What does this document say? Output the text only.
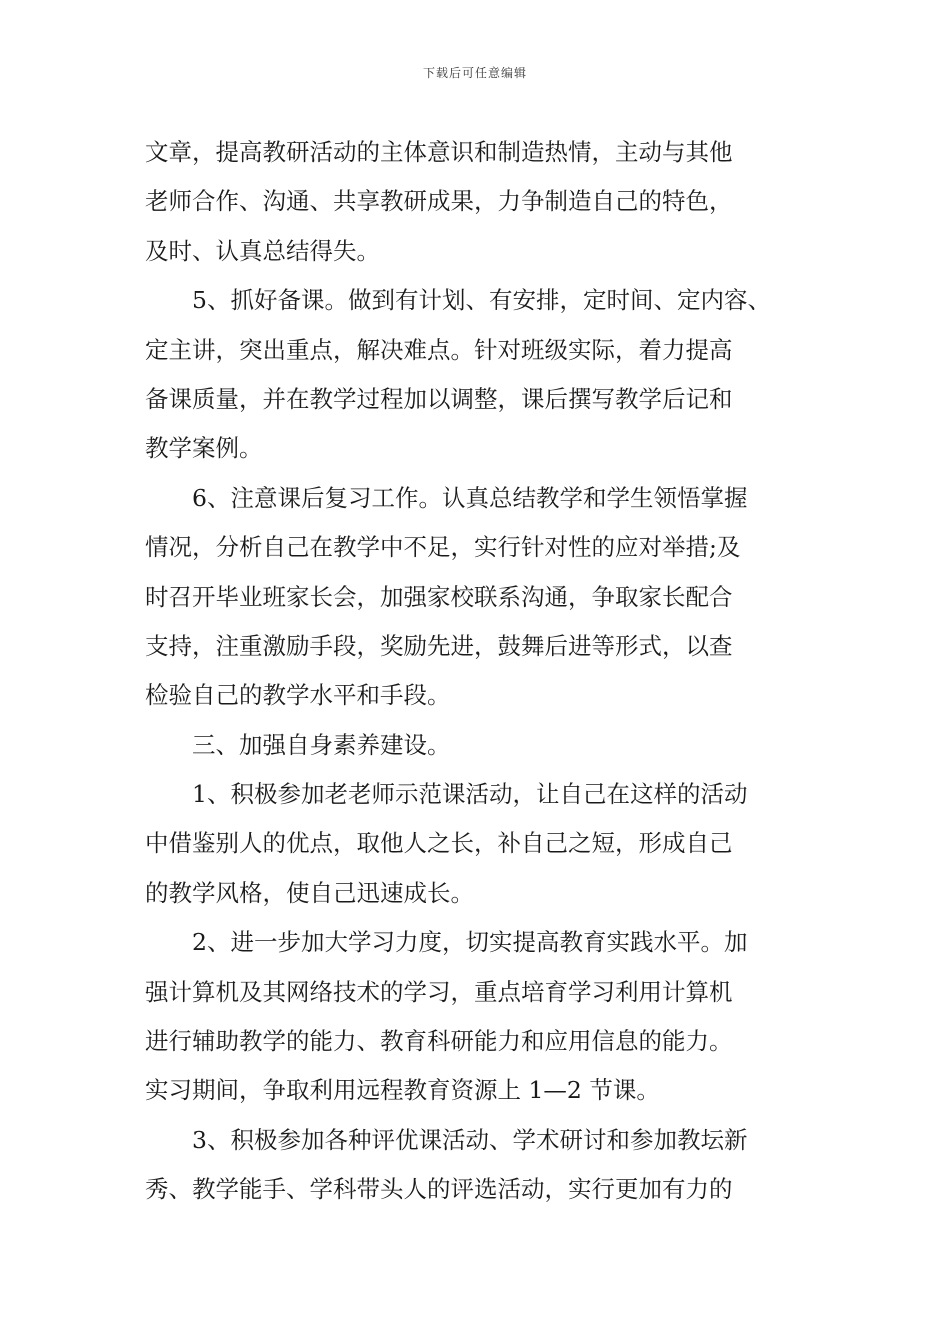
下载后可任意编辑
文章，提高教研活动的主体意识和制造热情，主动与其他
老师合作、沟通、共享教研成果，力争制造自己的特色，
及时、认真总结得失。
　　5、抓好备课。做到有计划、有安排，定时间、定内容、
定主讲，突出重点，解决难点。针对班级实际，着力提高
备课质量，并在教学过程加以调整，课后撰写教学后记和
教学案例。
　　6、注意课后复习工作。认真总结教学和学生领悟掌握
情况，分析自己在教学中不足，实行针对性的应对举措;及
时召开毕业班家长会，加强家校联系沟通，争取家长配合
支持，注重激励手段，奖励先进，鼓舞后进等形式，以查
检验自己的教学水平和手段。
　　三、加强自身素养建设。
　　1、积极参加老老师示范课活动，让自己在这样的活动
中借鉴别人的优点，取他人之长，补自己之短，形成自己
的教学风格，使自己迅速成长。
　　2、进一步加大学习力度，切实提高教育实践水平。加
强计算机及其网络技术的学习，重点培育学习利用计算机
进行辅助教学的能力、教育科研能力和应用信息的能力。
实习期间，争取利用远程教育资源上 1—2 节课。
　　3、积极参加各种评优课活动、学术研讨和参加教坛新
秀、教学能手、学科带头人的评选活动，实行更加有力的
